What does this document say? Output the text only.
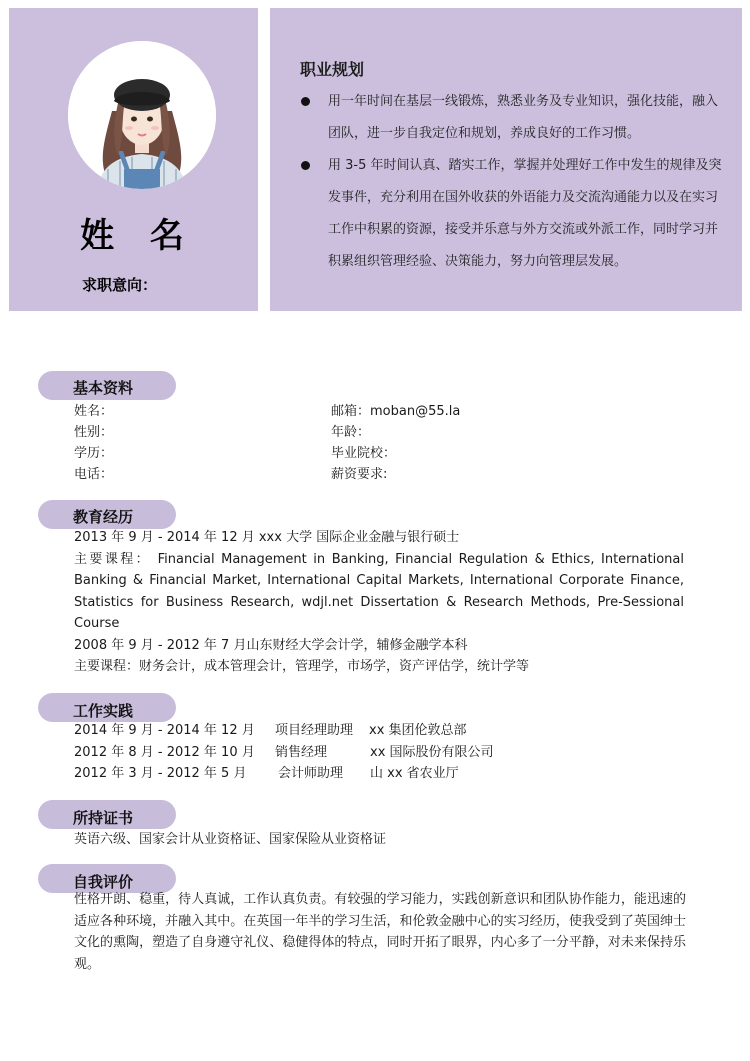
姓 名
求职意向：
职业规划
用一年时间在基层一线锻炼，熟悉业务及专业知识，强化技能，融入团队，进一步自我定位和规划，养成良好的工作习惯。
用 3-5 年时间认真、踏实工作，掌握并处理好工作中发生的规律及突发事件，充分利用在国外收获的外语能力及交流沟通能力以及在实习工作中积累的资源，接受并乐意与外方交流或外派工作，同时学习并积累组织管理经验、决策能力，努力向管理层发展。
基本资料
姓名：	邮箱：moban@55.la
性别：	年龄：
学历：	毕业院校：
电话：	薪资要求:
教育经历
2013 年 9 月 - 2014 年 12 月 xxx 大学 国际企业金融与银行硕士
主要课程： Financial Management in Banking, Financial Regulation & Ethics, International Banking & Financial Market, International Capital Markets, International Corporate Finance, Statistics for Business Research, wdjl.net Dissertation & Research Methods, Pre-Sessional Course
2008 年 9 月 - 2012 年 7 月山东财经大学会计学，辅修金融学本科
主要课程：财务会计，成本管理会计，管理学，市场学，资产评估学，统计学等
工作实践
2014 年 9 月 - 2014 年 12 月 项目经理助理 xx 集团伦敦总部
2012 年 8 月 - 2012 年 10 月 销售经理	xx 国际股份有限公司
2012 年 3 月 - 2012 年 5 月 会计师助理 山 xx 省农业厅
所持证书
英语六级、国家会计从业资格证、国家保险从业资格证
自我评价
性格开朗、稳重，待人真诚，工作认真负责。有较强的学习能力，实践创新意识和团队协作能力，能迅速的适应各种环境，并融入其中。在英国一年半的学习生活，和伦敦金融中心的实习经历，使我受到了英国绅士文化的熏陶，塑造了自身遵守礼仪、稳健得体的特点，同时开拓了眼界，内心多了一分平静，对未来保持乐观。
